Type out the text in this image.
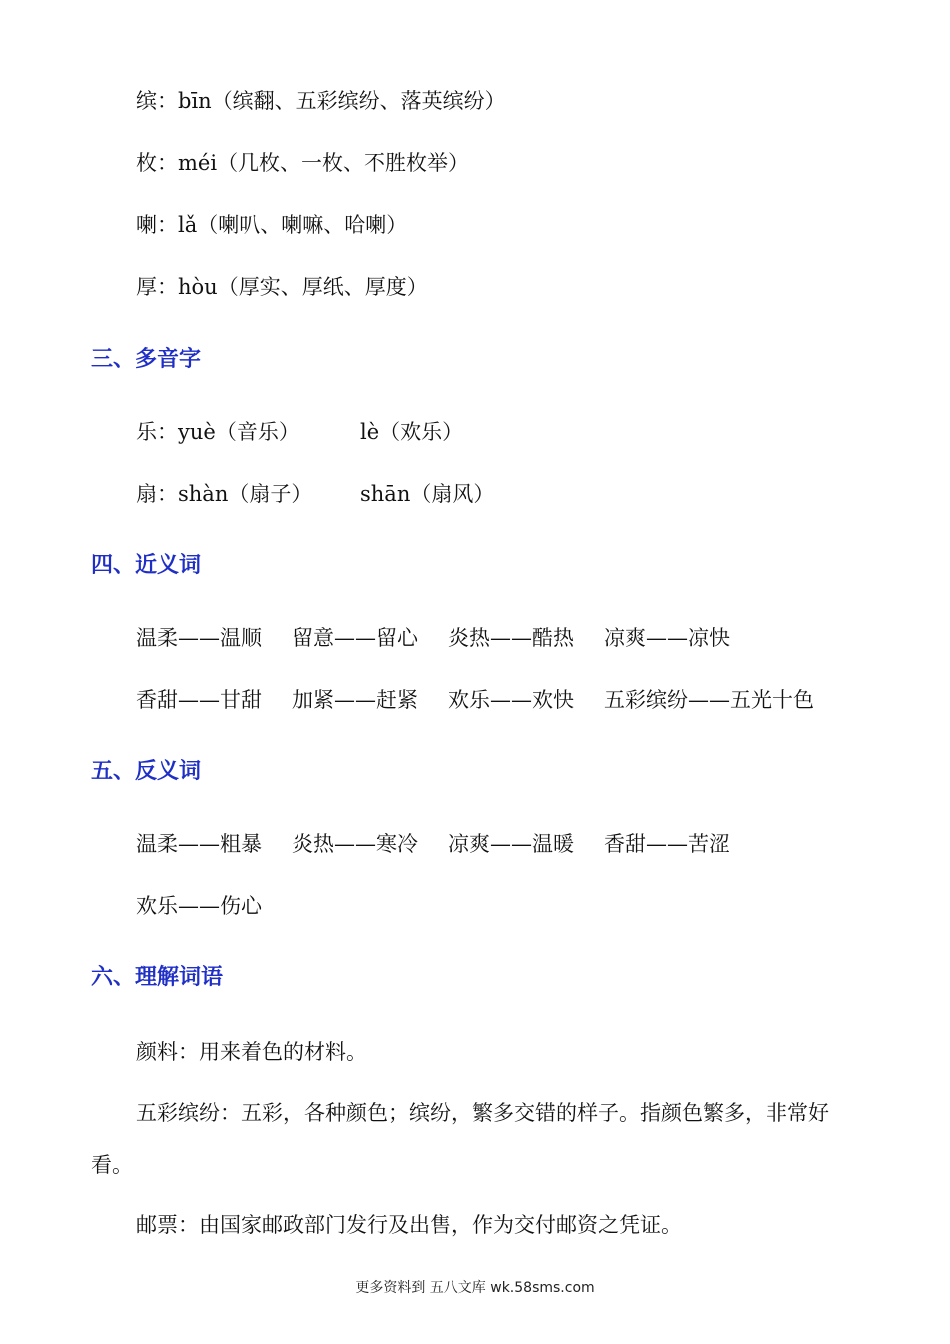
缤：bīn（缤翻、五彩缤纷、落英缤纷）
枚：méi（几枚、一枚、不胜枚举）
喇：lǎ（喇叭、喇嘛、哈喇）
厚：hòu（厚实、厚纸、厚度）
三、多音字
乐：yuè（音乐）	lè（欢乐）
扇：shàn（扇子） shān（扇风）
四、近义词
温柔——温顺 留意——留心 炎热——酷热 凉爽——凉快
香甜——甘甜 加紧——赶紧 欢乐——欢快 五彩缤纷——五光十色
五、反义词
温柔——粗暴 炎热——寒冷 凉爽——温暖 香甜——苦涩
欢乐——伤心
六、理解词语
颜料：用来着色的材料。
五彩缤纷：五彩，各种颜色；缤纷，繁多交错的样子。指颜色繁多，非常好看。
邮票：由国家邮政部门发行及出售，作为交付邮资之凭证。
更多资料到 五八文库 wk.58sms.com
